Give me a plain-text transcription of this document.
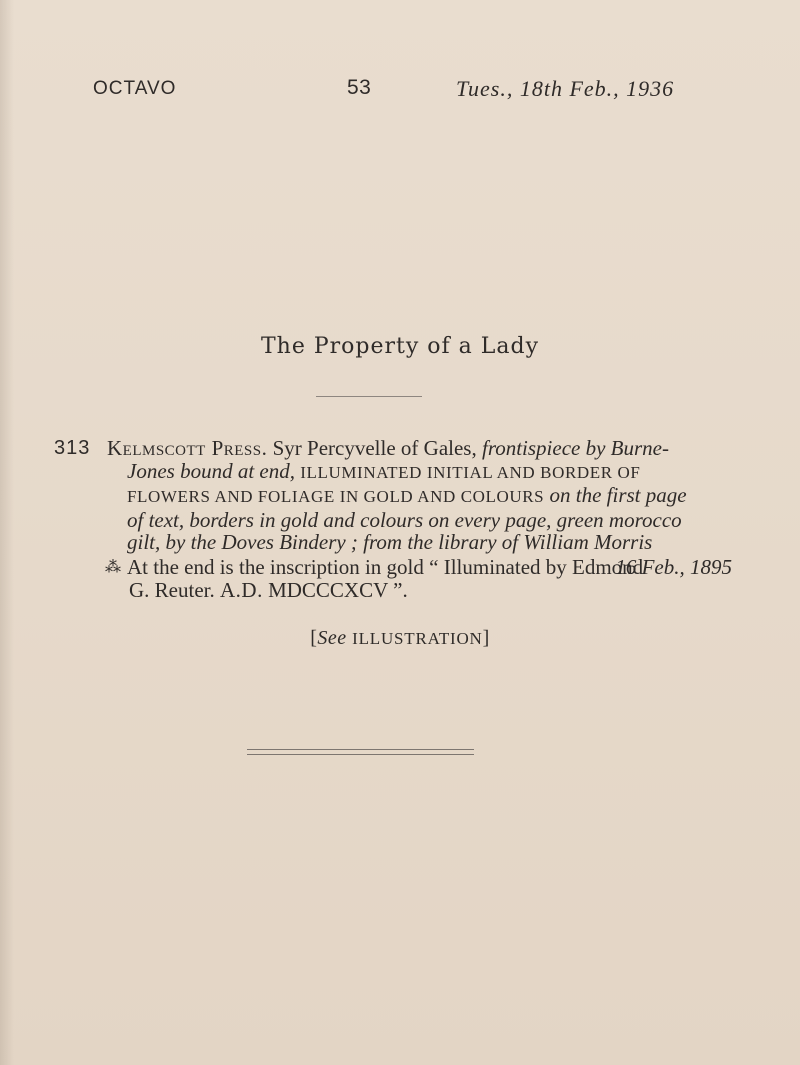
OCTAVO	53	Tues., 18th Feb., 1936
The Property of a Lady
313 Kelmscott Press. Syr Percyvelle of Gales, frontispiece by Burne-
Jones bound at end, ILLUMINATED INITIAL AND BORDER OF
FLOWERS AND FOLIAGE IN GOLD AND COLOURS on the first page
of text, borders in gold and colours on every page, green morocco
gilt, by the Doves Bindery ; from the library of William Morris
16 Feb., 1895
⁂ At the end is the inscription in gold “ Illuminated by Edmond
G. Reuter. A.D. MDCCCXCV ”.
[See ILLUSTRATION]
